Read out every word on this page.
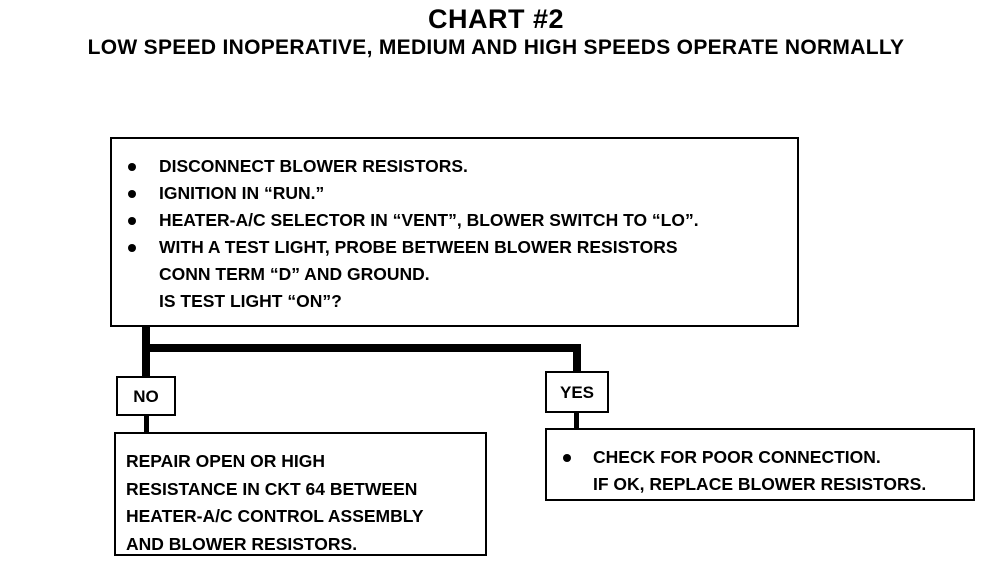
CHART #2
LOW SPEED INOPERATIVE, MEDIUM AND HIGH SPEEDS OPERATE NORMALLY
DISCONNECT BLOWER RESISTORS.
IGNITION IN “RUN.”
HEATER-A/C SELECTOR IN “VENT”, BLOWER SWITCH TO “LO”.
WITH A TEST LIGHT, PROBE BETWEEN BLOWER RESISTORS
CONN TERM “D” AND GROUND.
IS TEST LIGHT “ON”?
NO	YES
REPAIR OPEN OR HIGH
RESISTANCE IN CKT 64 BETWEEN
HEATER-A/C CONTROL ASSEMBLY
AND BLOWER RESISTORS.
CHECK FOR POOR CONNECTION.
IF OK, REPLACE BLOWER RESISTORS.
